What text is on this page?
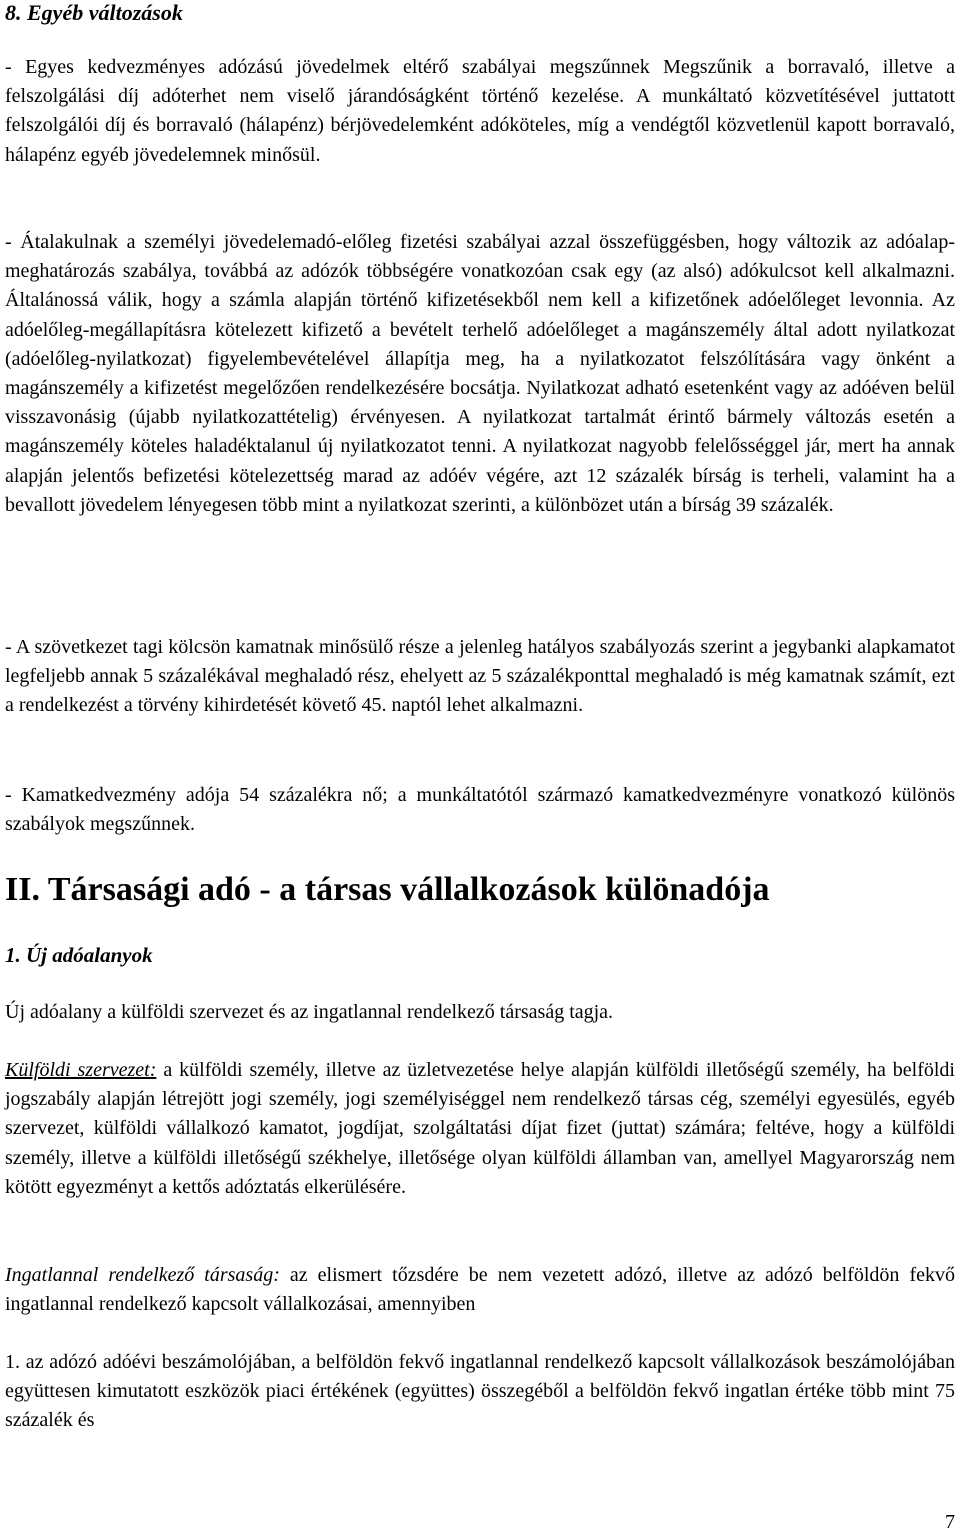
8. Egyéb változások

- Egyes kedvezményes adózású jövedelmek eltérő szabályai megszűnnek Megszűnik a borravaló, illetve a felszolgálási díj adóterhet nem viselő járandóságként történő kezelése. A munkáltató közvetítésével juttatott felszolgálói díj és borravaló (hálapénz) bérjövedelemként adóköteles, míg a vendégtől közvetlenül kapott borravaló, hálapénz egyéb jövedelemnek minősül.

- Átalakulnak a személyi jövedelemadó-előleg fizetési szabályai azzal összefüggésben, hogy változik az adóalap-meghatározás szabálya, továbbá az adózók többségére vonatkozóan csak egy (az alsó) adókulcsot kell alkalmazni. Általánossá válik, hogy a számla alapján történő kifizetésekből nem kell a kifizetőnek adóelőleget levonnia. Az adóelőleg-megállapításra kötelezett kifizető a bevételt terhelő adóelőleget a magánszemély által adott nyilatkozat (adóelőleg-nyilatkozat) figyelembevételével állapítja meg, ha a nyilatkozatot felszólítására vagy önként a magánszemély a kifizetést megelőzően rendelkezésére bocsátja. Nyilatkozat adható esetenként vagy az adóéven belül visszavonásig (újabb nyilatkozattételig) érvényesen. A nyilatkozat tartalmát érintő bármely változás esetén a magánszemély köteles haladéktalanul új nyilatkozatot tenni. A nyilatkozat nagyobb felelősséggel jár, mert ha annak alapján jelentős befizetési kötelezettség marad az adóév végére, azt 12 százalék bírság is terheli, valamint ha a bevallott jövedelem lényegesen több mint a nyilatkozat szerinti, a különbözet után a bírság 39 százalék.

- A szövetkezet tagi kölcsön kamatnak minősülő része a jelenleg hatályos szabályozás szerint a jegybanki alapkamatot legfeljebb annak 5 százalékával meghaladó rész, ehelyett az 5 százalékponttal meghaladó is még kamatnak számít, ezt a rendelkezést a törvény kihirdetését követő 45. naptól lehet alkalmazni.

- Kamatkedvezmény adója 54 százalékra nő; a munkáltatótól származó kamatkedvezményre vonatkozó különös szabályok megszűnnek.

II. Társasági adó - a társas vállalkozások különadója
1. Új adóalanyok

Új adóalany a külföldi szervezet és az ingatlannal rendelkező társaság tagja.

Külföldi szervezet: a külföldi személy, illetve az üzletvezetése helye alapján külföldi illetőségű személy, ha belföldi jogszabály alapján létrejött jogi személy, jogi személyiséggel nem rendelkező társas cég, személyi egyesülés, egyéb szervezet, külföldi vállalkozó kamatot, jogdíjat, szolgáltatási díjat fizet (juttat) számára; feltéve, hogy a külföldi személy, illetve a külföldi illetőségű székhelye, illetősége olyan külföldi államban van, amellyel Magyarország nem kötött egyezményt a kettős adóztatás elkerülésére.

Ingatlannal rendelkező társaság: az elismert tőzsdére be nem vezetett adózó, illetve az adózó belföldön fekvő ingatlannal rendelkező kapcsolt vállalkozásai, amennyiben

1. az adózó adóévi beszámolójában, a belföldön fekvő ingatlannal rendelkező kapcsolt vállalkozások beszámolójában együttesen kimutatott eszközök piaci értékének (együttes) összegéből a belföldön fekvő ingatlan értéke több mint 75 százalék és

7
